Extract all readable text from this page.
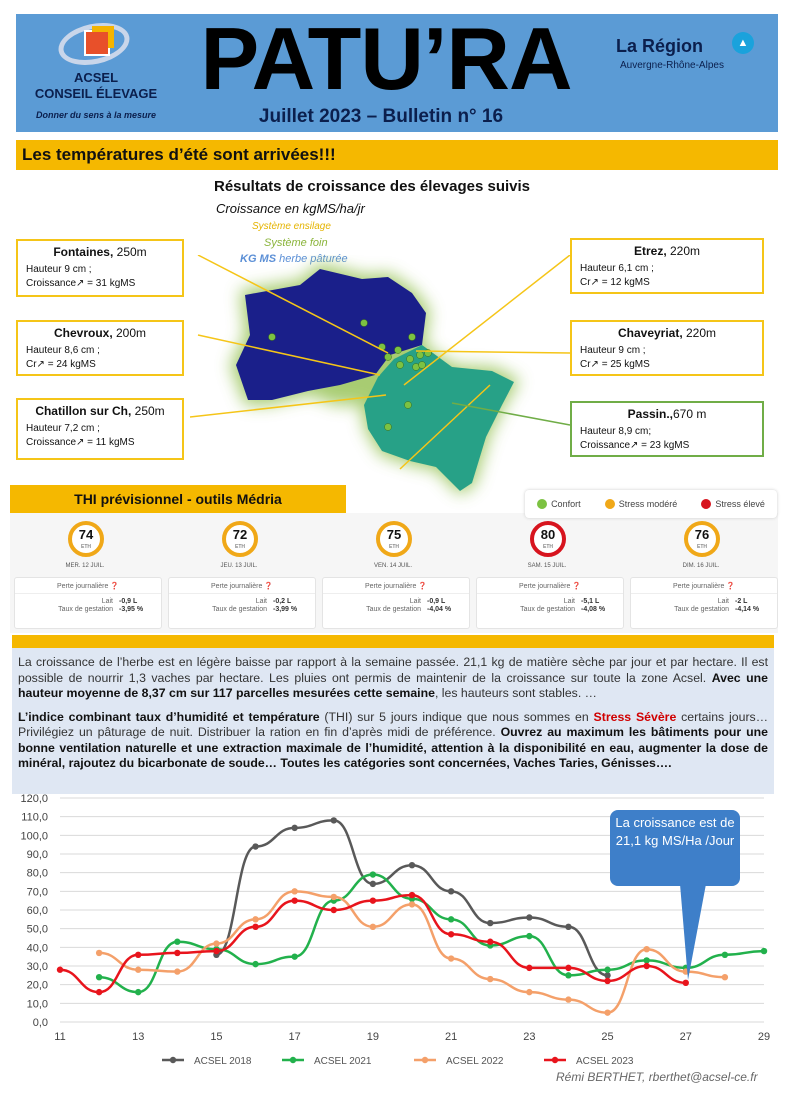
ACSEL
CONSEIL ÉLEVAGE
Donner du sens à la mesure
PATU’RA
Juillet 2023 – Bulletin n° 16
La Région	▲
Auvergne-Rhône-Alpes
Les températures d’été sont arrivées!!!
Résultats de croissance des élevages suivis
Croissance en kgMS/ha/jr
Système ensilage
Système foin
KG MS herbe pâturée
Fontaines, 250m
Hauteur 9 cm ;
Croissance↗ = 31 kgMS
Chevroux, 200m
Hauteur 8,6 cm ;
Cr↗ = 24 kgMS
Chatillon sur Ch, 250m
Hauteur 7,2 cm ;
Croissance↗ = 11 kgMS
Etrez, 220m
Hauteur 6,1 cm ;
Cr↗ = 12 kgMS
Chaveyriat, 220m
Hauteur 9 cm ;
Cr↗ = 25 kgMS
Passin.,670 m
Hauteur 8,9 cm;
Croissance↗ = 23 kgMS
THI prévisionnel - outils Médria	Confort	Stress modéré	Stress élevé
74
ETH
MER. 12 JUIL.
Perte journalière ❓
Lait -0,9 L
Taux de gestation -3,95 %
72
ETH
JEU. 13 JUIL.
Perte journalière ❓
Lait -0,2 L
Taux de gestation -3,99 %
75
ETH
VEN. 14 JUIL.
Perte journalière ❓
Lait -0,9 L
Taux de gestation -4,04 %
80
ETH
SAM. 15 JUIL.
Perte journalière ❓
Lait -5,1 L
Taux de gestation -4,08 %
76
ETH
DIM. 16 JUIL.
Perte journalière ❓
Lait -2 L
Taux de gestation -4,14 %

La croissance de l’herbe est en légère baisse par rapport à la semaine passée. 21,1 kg de matière sèche par jour et par hectare. Il est possible de nourrir 1,3 vaches par hectare. Les pluies ont permis de maintenir de la croissance sur toute la zone Acsel. Avec une hauteur moyenne de 8,37 cm sur 117 parcelles mesurées cette semaine, les hauteurs sont stables. …

L’indice combinant taux d’humidité et température (THI) sur 5 jours indique que nous sommes en Stress Sévère certains jours… Privilégiez un pâturage de nuit. Distribuer la ration en fin d’après midi de préférence. Ouvrez au maximum les bâtiments pour une bonne ventilation naturelle et une extraction maximale de l’humidité, attention à la disponibilité en eau, augmenter la dose de minéral, rajoutez du bicarbonate de soude… Toutes les catégories sont concernées, Vaches Taries, Génisses….

0,0
10,0
20,0
30,0
40,0
50,0
60,0
70,0
80,0
90,0
100,0
110,0
120,0
11	13	15	17	19	21	23	25	27	29
ACSEL 2018	ACSEL 2021	ACSEL 2022	ACSEL 2023
La croissance est de 21,1 kg MS/Ha /Jour
Rémi BERTHET, rberthet@acsel-ce.fr
